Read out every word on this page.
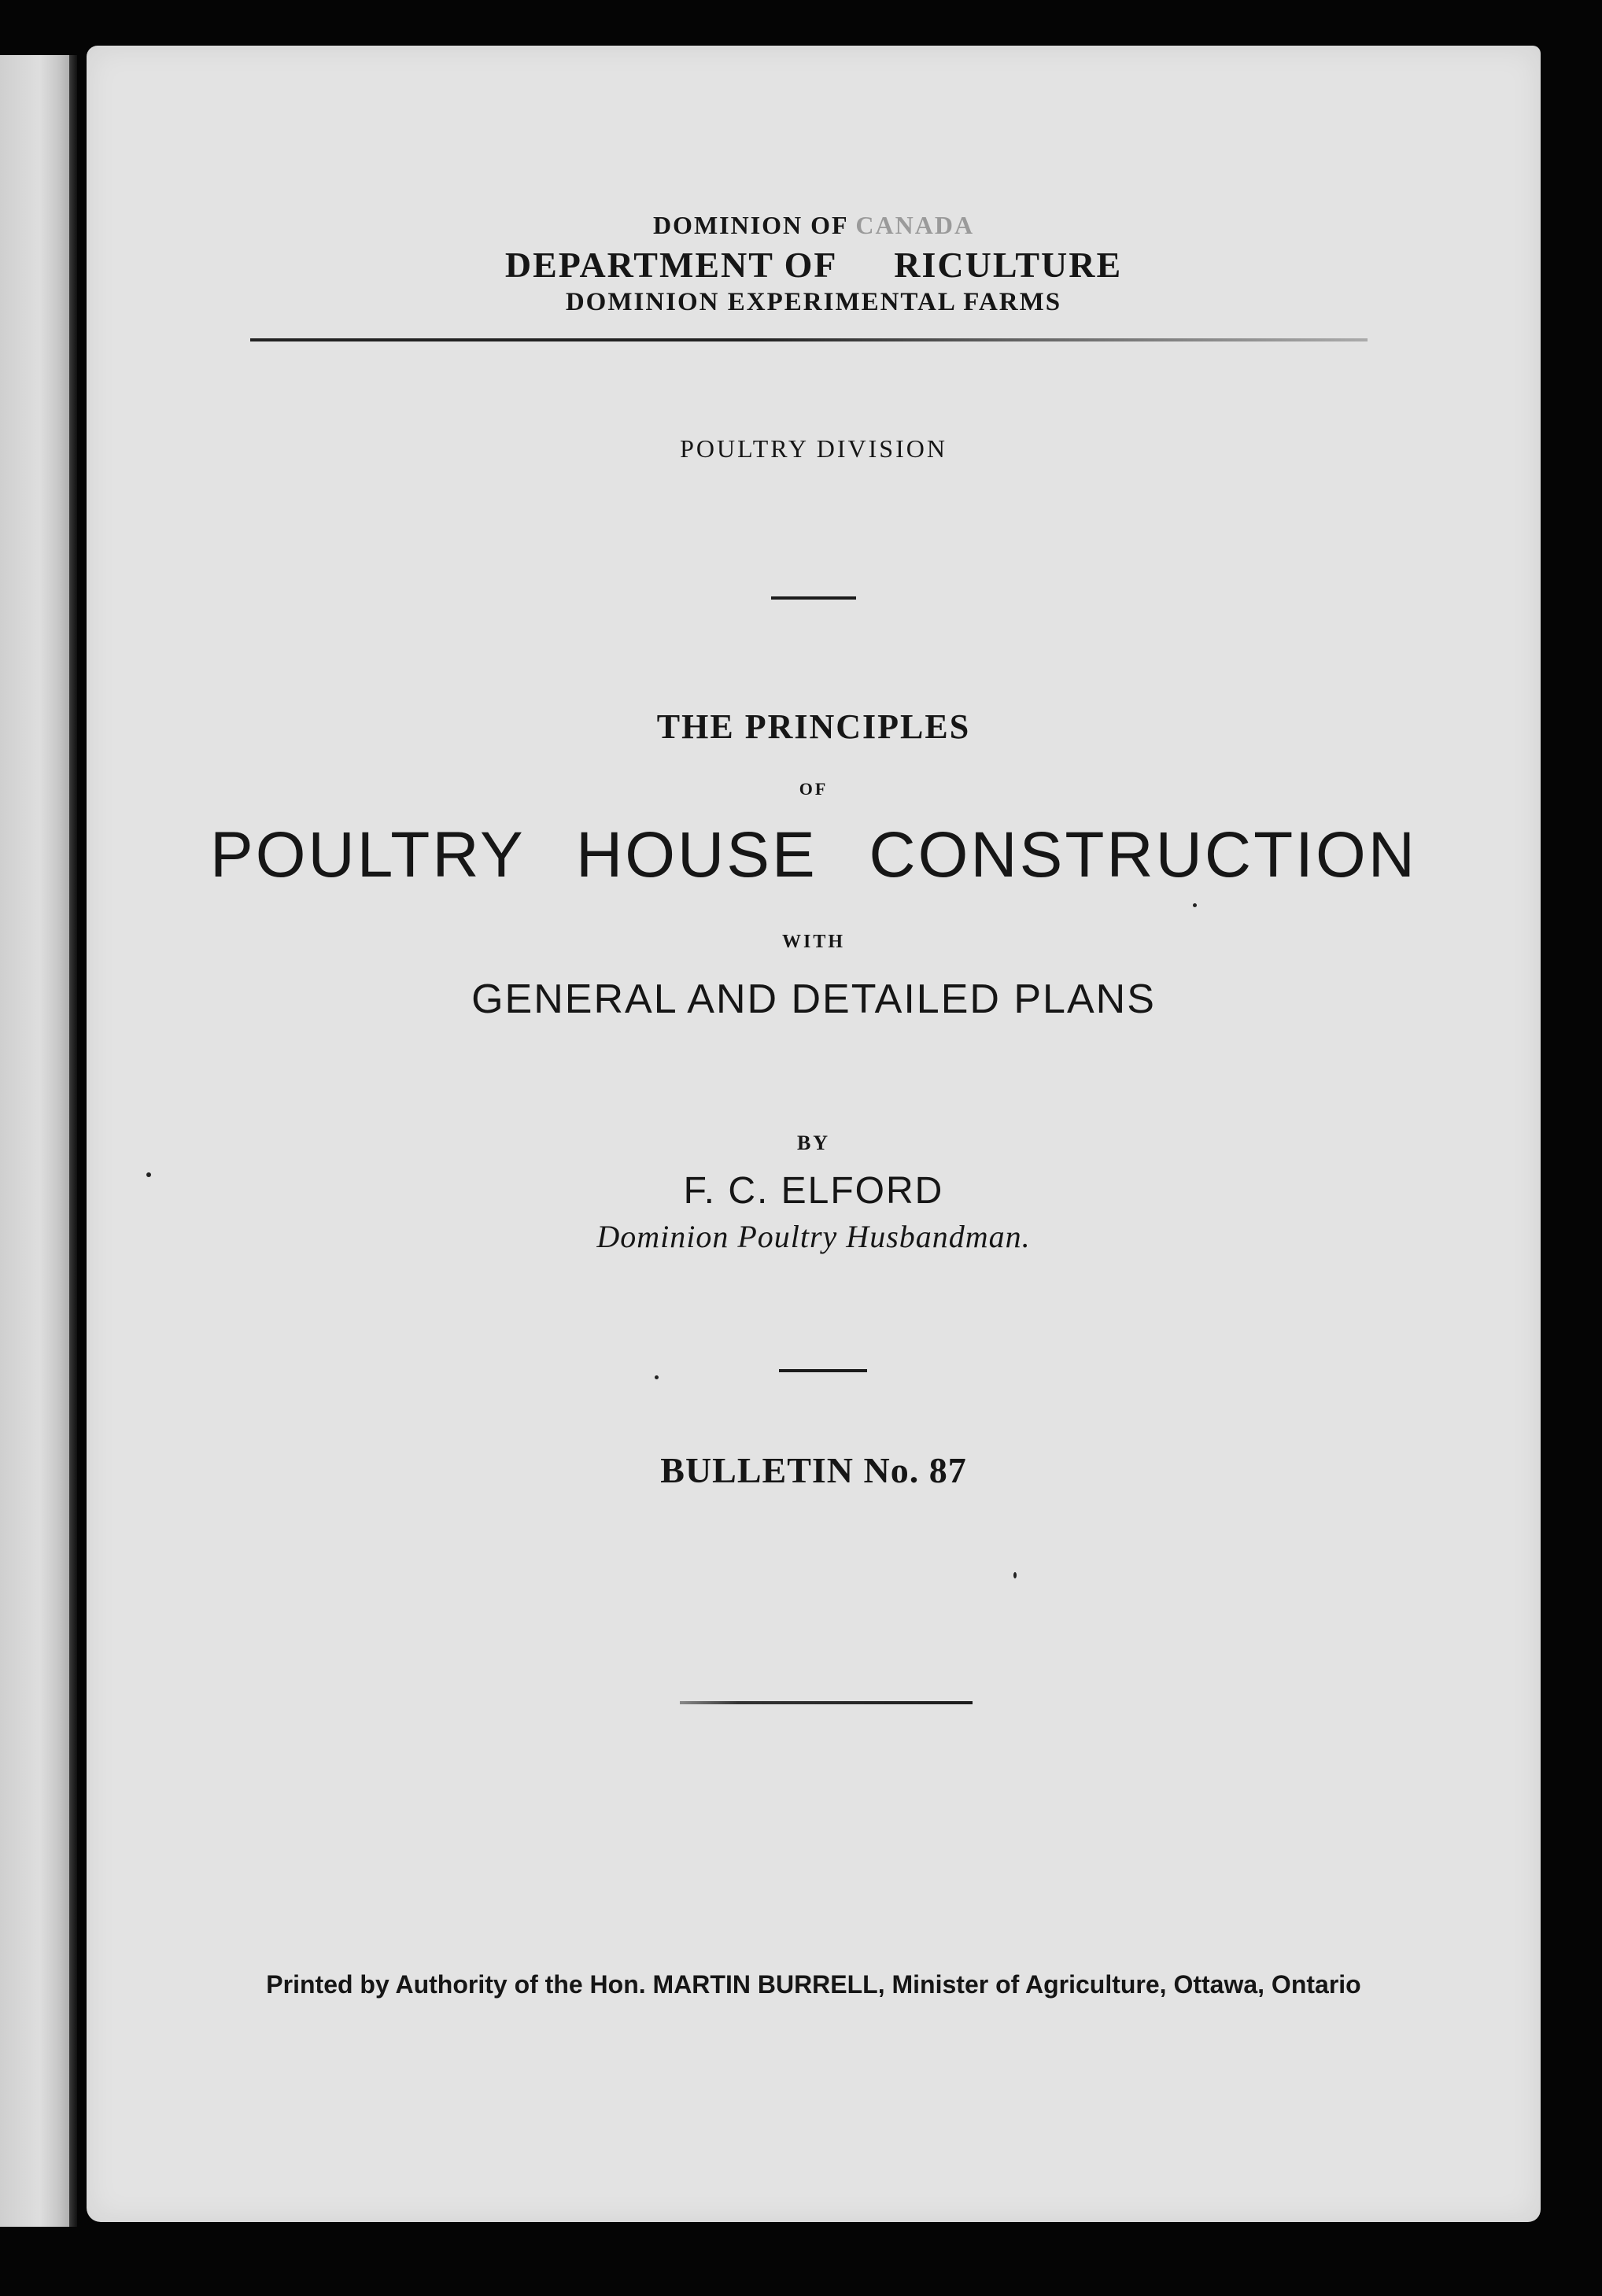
DOMINION OF CANADA
DEPARTMENT OF RICULTURE
DOMINION EXPERIMENTAL FARMS
POULTRY DIVISION
THE PRINCIPLES
OF
POULTRY HOUSE CONSTRUCTION
WITH
GENERAL AND DETAILED PLANS
BY
F. C. ELFORD
Dominion Poultry Husbandman.
BULLETIN No. 87
Printed by Authority of the Hon. MARTIN BURRELL, Minister of Agriculture, Ottawa, Ontario
